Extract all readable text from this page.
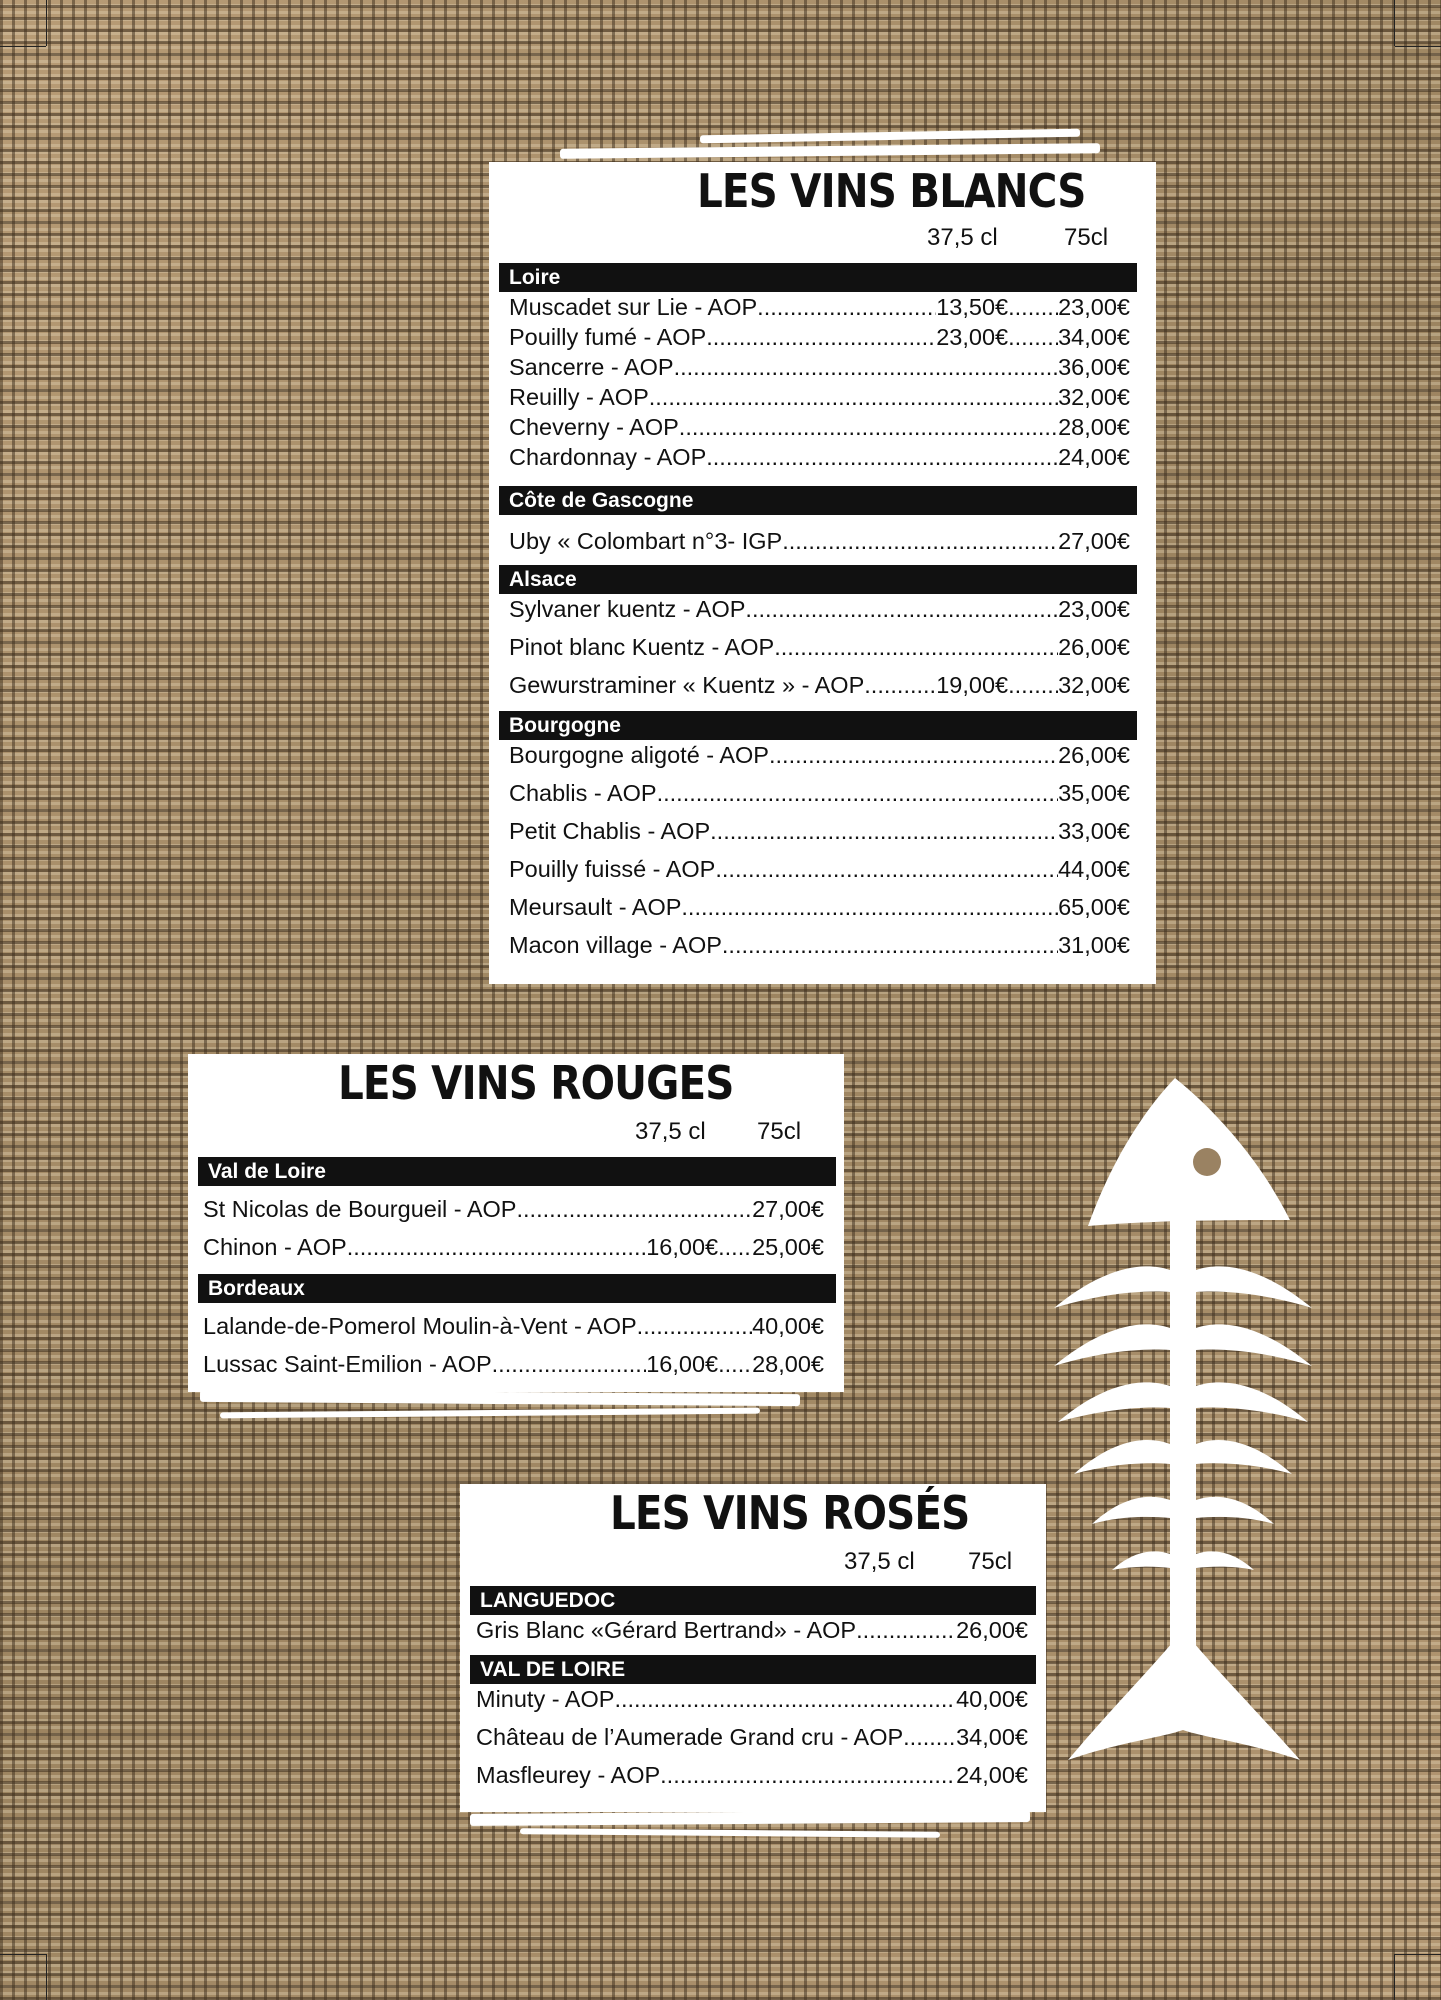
LES VINS BLANCS
37,5 cl	75cl
LES VINS ROUGES
37,5 cl 75cl
LES VINS ROSÉS
37,5 cl 75cl
Loire
Muscadet sur Lie - AOP .....	13,50€ ..... 23,00€
Pouilly fumé - AOP .....	23,00€ ..... 34,00€
Sancerre - AOP .....	36,00€
Reuilly - AOP .....	32,00€
Cheverny - AOP .....	28,00€
Chardonnay - AOP .....	24,00€
Côte de Gascogne
Uby « Colombart n°3- IGP .....	27,00€
Alsace
Sylvaner kuentz - AOP .....	23,00€
Pinot blanc Kuentz - AOP .....	26,00€
Gewurstraminer « Kuentz » - AOP .....	19,00€ ..... 32,00€
Bourgogne
Bourgogne aligoté - AOP .....	26,00€
Chablis - AOP .....	35,00€
Petit Chablis - AOP .....	33,00€
Pouilly fuissé - AOP .....	44,00€
Meursault - AOP .....	65,00€
Macon village - AOP .....	31,00€
Val de Loire
St Nicolas de Bourgueil - AOP .....	27,00€
Chinon - AOP .....	16,00€ ..... 25,00€
Bordeaux
Lalande-de-Pomerol Moulin-à-Vent - AOP .....	40,00€
Lussac Saint-Emilion - AOP .....	16,00€ ..... 28,00€
LANGUEDOC
Gris Blanc «Gérard Bertrand» - AOP .....	26,00€
VAL DE LOIRE
Minuty - AOP .....	40,00€
Château de l’Aumerade Grand cru - AOP ..... 34,00€
Masfleurey - AOP .....	24,00€
